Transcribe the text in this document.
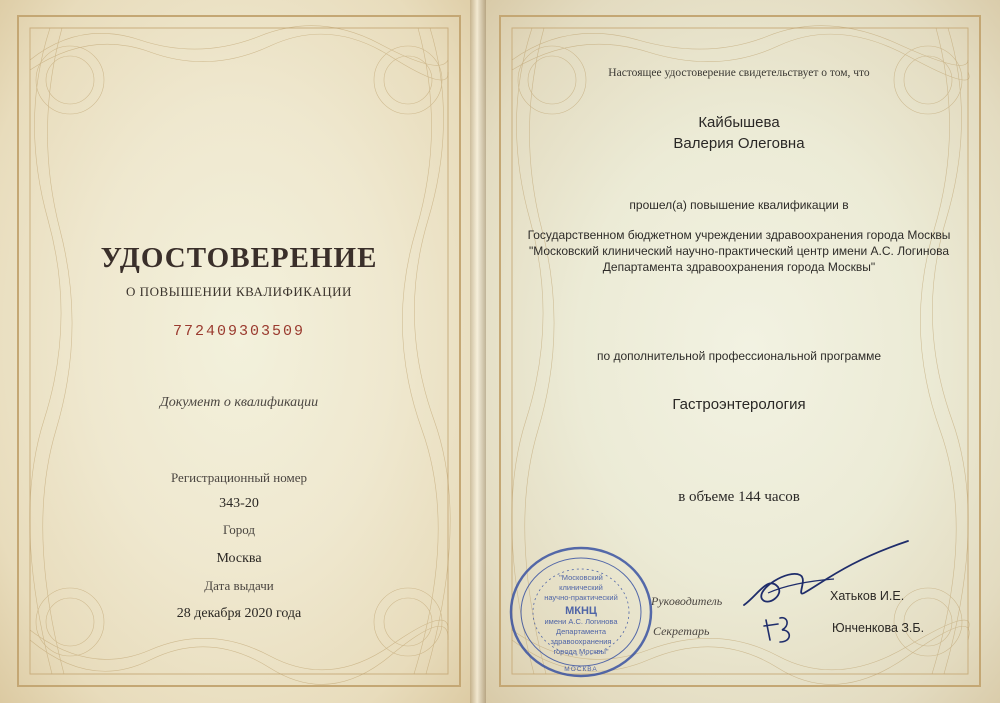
УДОСТОВЕРЕНИЕ

О ПОВЫШЕНИИ КВАЛИФИКАЦИИ

772409303509

Документ о квалификации

Регистрационный номер

343-20

Город

Москва

Дата выдачи

28 декабря 2020 года

Настоящее удостоверение свидетельствует о том, что

Кайбышева

Валерия Олеговна

прошел(а) повышение квалификации в

Государственном бюджетном учреждении здравоохранения города Москвы

"Московский клинический научно-практический центр имени А.С. Логинова

Департамента здравоохранения города Москвы"

по дополнительной профессиональной программе

Гастроэнтерология

в объеме 144 часов

Руководитель	Хатьков И.Е.

Секретарь	Юнченкова З.Б.

"Московский
клинический
научно-практический
МКНЦ
имени А.С. Логинова
Департамента
здравоохранения
города Москвы"
МОСКВА
